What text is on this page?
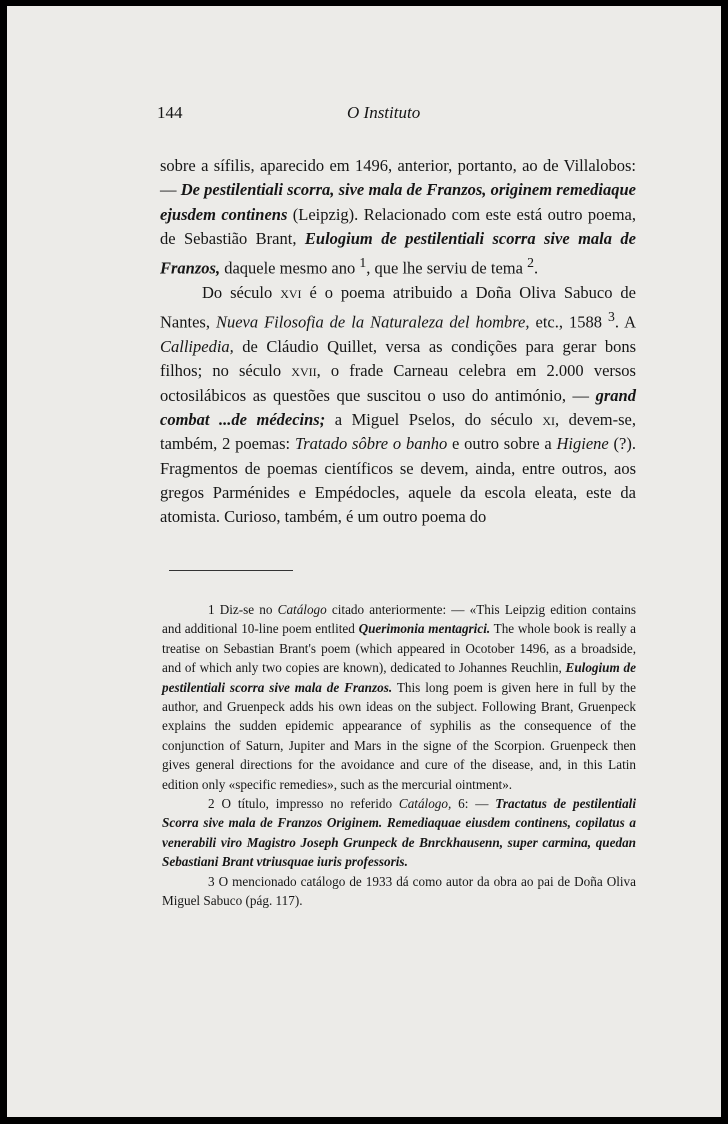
144	O Instituto

sobre a sífilis, aparecido em 1496, anterior, portanto, ao de Villalobos: — De pestilentiali scorra, sive mala de Franzos, originem remediaque ejusdem continens (Leipzig). Relacionado com este está outro poema, de Sebastião Brant, Eulogium de pestilentiali scorra sive mala de Franzos, daquele mesmo ano $^1$, que lhe serviu de tema $^2$.

Do século xvi é o poema atribuido a Doña Oliva Sabuco de Nantes, Nueva Filosofia de la Naturaleza del hombre, etc., 1588 $^3$. A Callipedia, de Cláudio Quillet, versa as condições para gerar bons filhos; no século xvii, o frade Carneau celebra em 2.000 versos octosilábicos as questões que suscitou o uso do antimónio, — grand combat ...de médecins; a Miguel Pselos, do século xi, devem-se, também, 2 poemas: Tratado sôbre o banho e outro sobre a Higiene (?). Fragmentos de poemas científicos se devem, ainda, entre outros, aos gregos Parménides e Empédocles, aquele da escola eleata, este da atomista. Curioso, também, é um outro poema do

1 Diz-se no Catálogo citado anteriormente: — «This Leipzig edition contains and additional 10-line poem entlited Querimonia mentagrici. The whole book is really a treatise on Sebastian Brant's poem (which appeared in Ocotober 1496, as a broadside, and of which anly two copies are known), dedicated to Johannes Reuchlin, Eulogium de pestilentiali scorra sive mala de Franzos. This long poem is given here in full by the author, and Gruenpeck adds his own ideas on the subject. Following Brant, Gruenpeck explains the sudden epidemic appearance of syphilis as the consequence of the conjunction of Saturn, Jupiter and Mars in the signe of the Scorpion. Gruenpeck then gives general directions for the avoidance and cure of the disease, and, in this Latin edition only «specific remedies», such as the mercurial ointment».

2 O título, impresso no referido Catálogo, 6: — Tractatus de pestilentiali Scorra sive mala de Franzos Originem. Remediaquae eiusdem continens, copilatus a venerabili viro Magistro Joseph Grunpeck de Bnrckhausenn, super carmina, quedan Sebastiani Brant vtriusquae iuris professoris.

3 O mencionado catálogo de 1933 dá como autor da obra ao pai de Doña Oliva Miguel Sabuco (pág. 117).
